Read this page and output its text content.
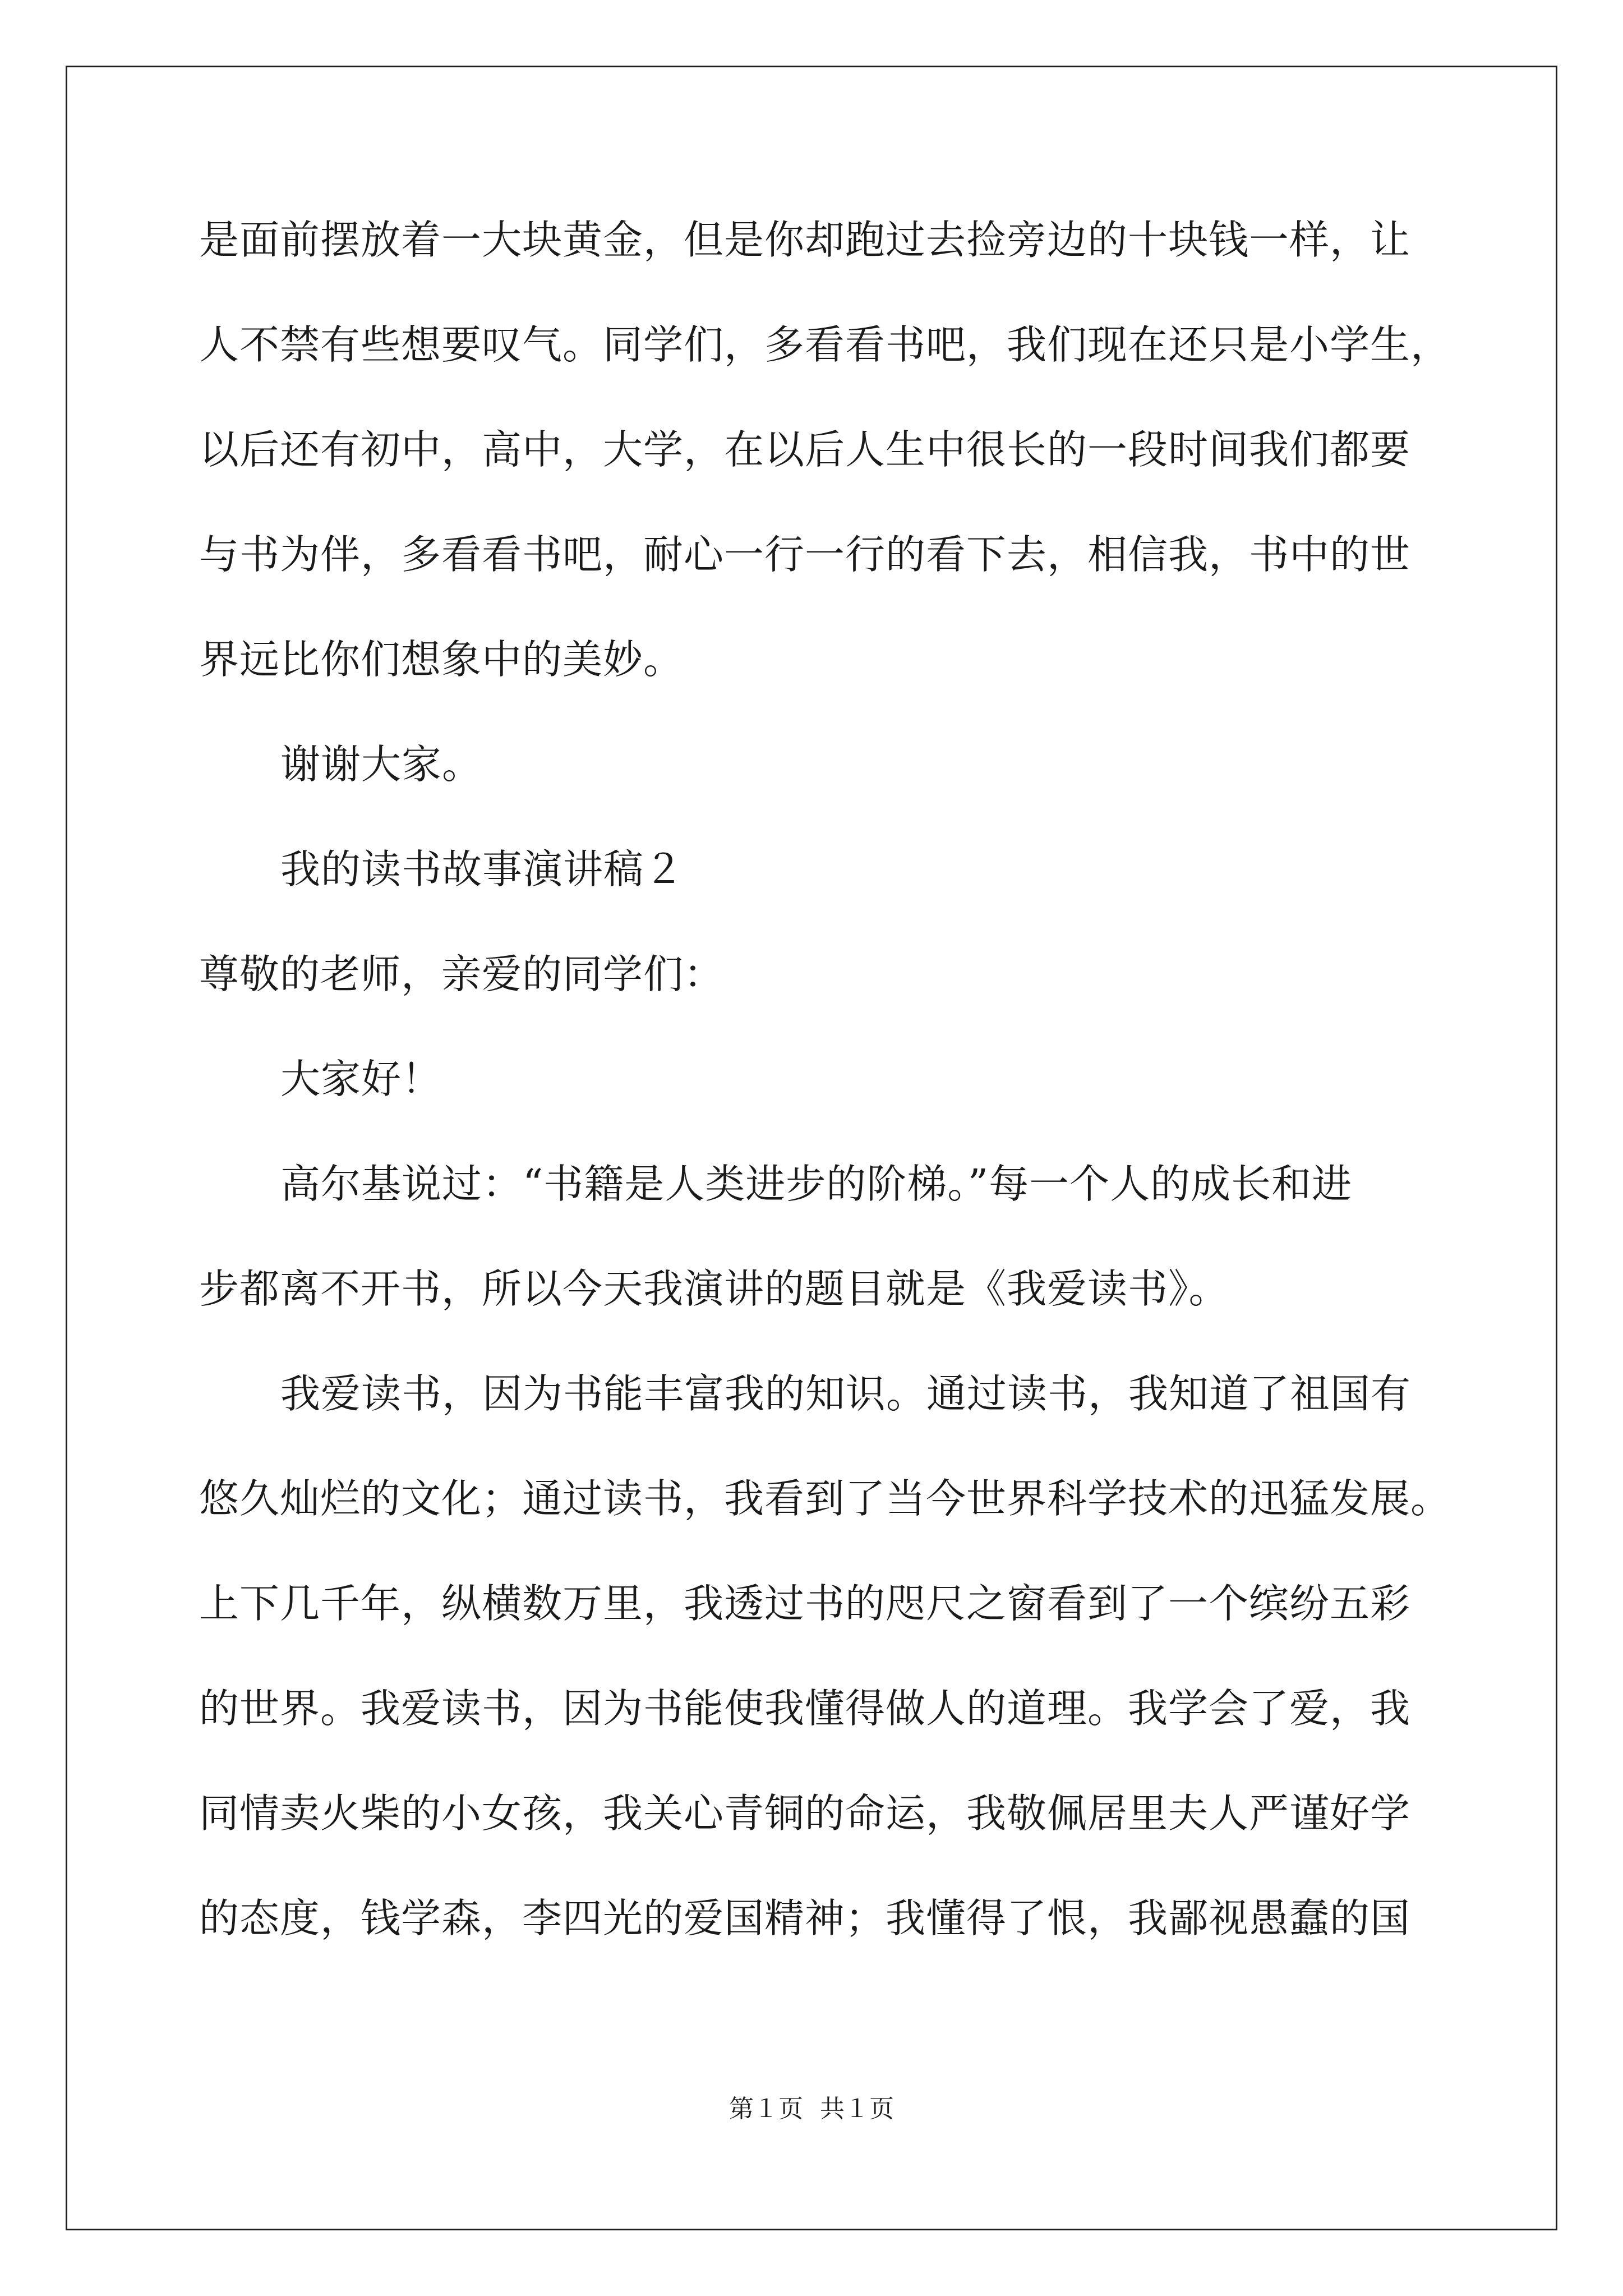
是面前摆放着一大块黄金，但是你却跑过去捡旁边的十块钱一样，让
人不禁有些想要叹气。同学们，多看看书吧，我们现在还只是小学生，
以后还有初中，高中，大学，在以后人生中很长的一段时间我们都要
与书为伴，多看看书吧，耐心一行一行的看下去，相信我，书中的世
界远比你们想象中的美妙。
谢谢大家。
我的读书故事演讲稿２
尊敬的老师，亲爱的同学们：
大家好！
高尔基说过：“书籍是人类进步的阶梯。”每一个人的成长和进
步都离不开书，所以今天我演讲的题目就是《我爱读书》。
我爱读书，因为书能丰富我的知识。通过读书，我知道了祖国有
悠久灿烂的文化；通过读书，我看到了当今世界科学技术的迅猛发展。
上下几千年，纵横数万里，我透过书的咫尺之窗看到了一个缤纷五彩
的世界。我爱读书，因为书能使我懂得做人的道理。我学会了爱，我
同情卖火柴的小女孩，我关心青铜的命运，我敬佩居里夫人严谨好学
的态度，钱学森，李四光的爱国精神；我懂得了恨，我鄙视愚蠢的国
第１页 共１页
